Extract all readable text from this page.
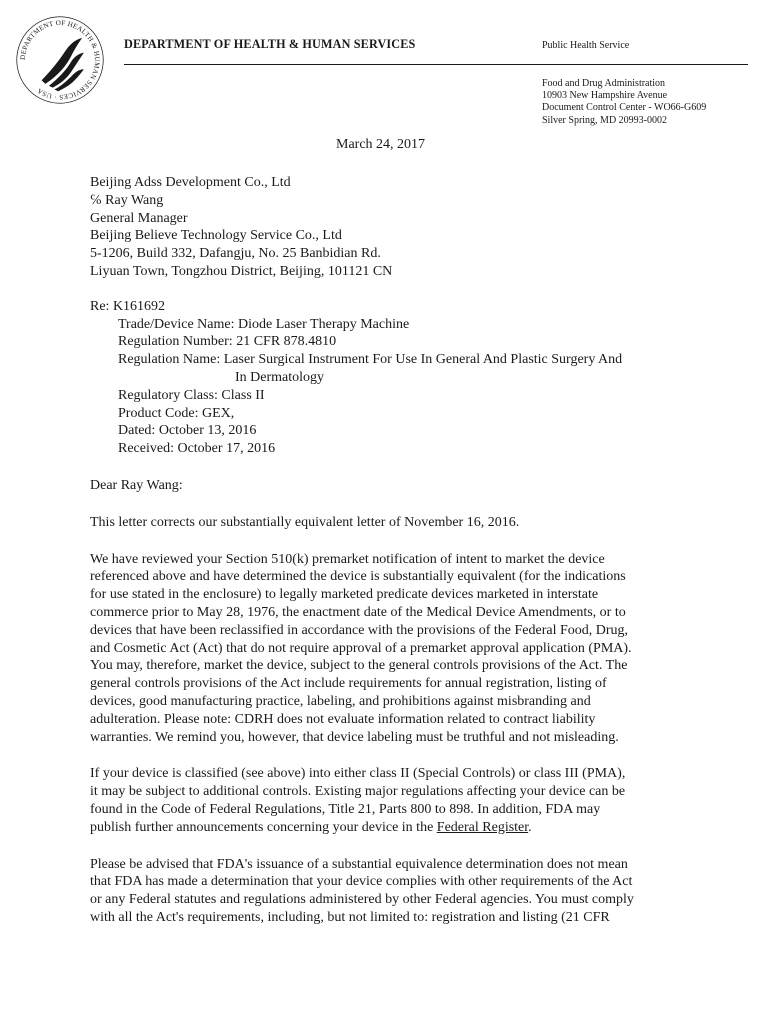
DEPARTMENT OF HEALTH & HUMAN SERVICES · USA
DEPARTMENT OF HEALTH & HUMAN SERVICES	Public Health Service
Food and Drug Administration
10903 New Hampshire Avenue
Document Control Center - WO66-G609
Silver Spring, MD 20993-0002
March 24, 2017
Beijing Adss Development Co., Ltd
℅ Ray Wang
General Manager
Beijing Believe Technology Service Co., Ltd
5-1206, Build 332, Dafangju, No. 25 Banbidian Rd.
Liyuan Town, Tongzhou District, Beijing, 101121 CN
Re: K161692
Trade/Device Name: Diode Laser Therapy Machine
Regulation Number: 21 CFR 878.4810
Regulation Name: Laser Surgical Instrument For Use In General And Plastic Surgery And
In Dermatology
Regulatory Class: Class II
Product Code: GEX,
Dated: October 13, 2016
Received: October 17, 2016
Dear Ray Wang:
This letter corrects our substantially equivalent letter of November 16, 2016.
We have reviewed your Section 510(k) premarket notification of intent to market the device
referenced above and have determined the device is substantially equivalent (for the indications
for use stated in the enclosure) to legally marketed predicate devices marketed in interstate
commerce prior to May 28, 1976, the enactment date of the Medical Device Amendments, or to
devices that have been reclassified in accordance with the provisions of the Federal Food, Drug,
and Cosmetic Act (Act) that do not require approval of a premarket approval application (PMA).
You may, therefore, market the device, subject to the general controls provisions of the Act. The
general controls provisions of the Act include requirements for annual registration, listing of
devices, good manufacturing practice, labeling, and prohibitions against misbranding and
adulteration. Please note: CDRH does not evaluate information related to contract liability
warranties. We remind you, however, that device labeling must be truthful and not misleading.
If your device is classified (see above) into either class II (Special Controls) or class III (PMA),
it may be subject to additional controls. Existing major regulations affecting your device can be
found in the Code of Federal Regulations, Title 21, Parts 800 to 898. In addition, FDA may
publish further announcements concerning your device in the Federal Register.
Please be advised that FDA's issuance of a substantial equivalence determination does not mean
that FDA has made a determination that your device complies with other requirements of the Act
or any Federal statutes and regulations administered by other Federal agencies. You must comply
with all the Act's requirements, including, but not limited to: registration and listing (21 CFR
